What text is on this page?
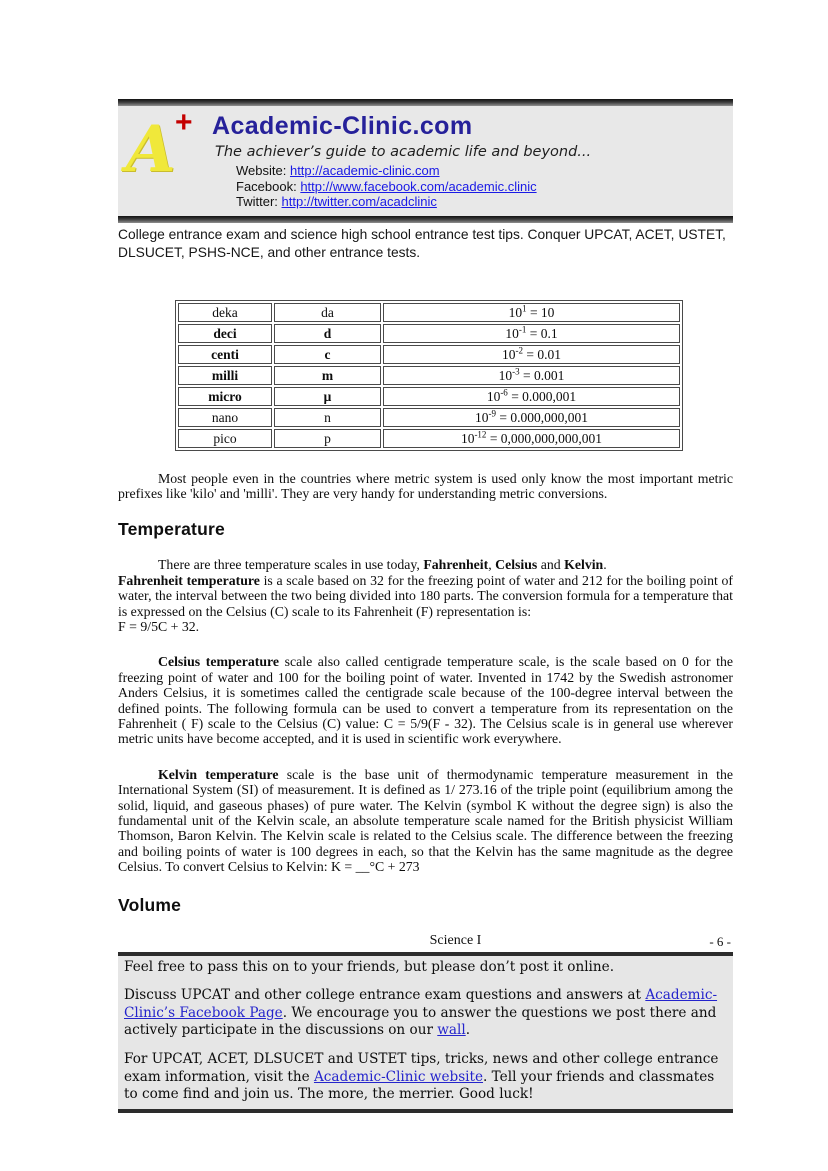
A + Academic-Clinic.com
The achiever’s guide to academic life and beyond...
Website: http://academic-clinic.com
Facebook: http://www.facebook.com/academic.clinic
Twitter: http://twitter.com/acadclinic
College entrance exam and science high school entrance test tips. Conquer UPCAT, ACET, USTET, DLSUCET, PSHS-NCE, and other entrance tests.
deka	da	$10^1 = 10$
deci	d	$10^{-1} = 0.1$
centi	c	$10^{-2} = 0.01$
milli	m	$10^{-3} = 0.001$
micro	μ	$10^{-6} = 0.000,001$
nano	n	$10^{-9} = 0.000,000,001$
pico	p	$10^{-12} = 0,000,000,000,001$

Most people even in the countries where metric system is used only know the most important metric prefixes like 'kilo' and 'milli'. They are very handy for understanding metric conversions.

Temperature

There are three temperature scales in use today, Fahrenheit, Celsius and Kelvin.
Fahrenheit temperature is a scale based on 32 for the freezing point of water and 212 for the boiling point of water, the interval between the two being divided into 180 parts. The conversion formula for a temperature that is expressed on the Celsius (C) scale to its Fahrenheit (F) representation is:
F = 9/5C + 32.

Celsius temperature scale also called centigrade temperature scale, is the scale based on 0 for the freezing point of water and 100 for the boiling point of water. Invented in 1742 by the Swedish astronomer Anders Celsius, it is sometimes called the centigrade scale because of the 100-degree interval between the defined points. The following formula can be used to convert a temperature from its representation on the Fahrenheit ( F) scale to the Celsius (C) value: C = 5/9(F - 32). The Celsius scale is in general use wherever metric units have become accepted, and it is used in scientific work everywhere.

Kelvin temperature scale is the base unit of thermodynamic temperature measurement in the International System (SI) of measurement. It is defined as 1/ 273.16 of the triple point (equilibrium among the solid, liquid, and gaseous phases) of pure water. The Kelvin (symbol K without the degree sign) is also the fundamental unit of the Kelvin scale, an absolute temperature scale named for the British physicist William Thomson, Baron Kelvin. The Kelvin scale is related to the Celsius scale. The difference between the freezing and boiling points of water is 100 degrees in each, so that the Kelvin has the same magnitude as the degree Celsius. To convert Celsius to Kelvin: K = __°C + 273

Volume
Science I	- 6 -

Feel free to pass this on to your friends, but please don’t post it online.

Discuss UPCAT and other college entrance exam questions and answers at Academic-Clinic’s Facebook Page. We encourage you to answer the questions we post there and actively participate in the discussions on our wall.

For UPCAT, ACET, DLSUCET and USTET tips, tricks, news and other college entrance exam information, visit the Academic-Clinic website. Tell your friends and classmates to come find and join us. The more, the merrier. Good luck!
